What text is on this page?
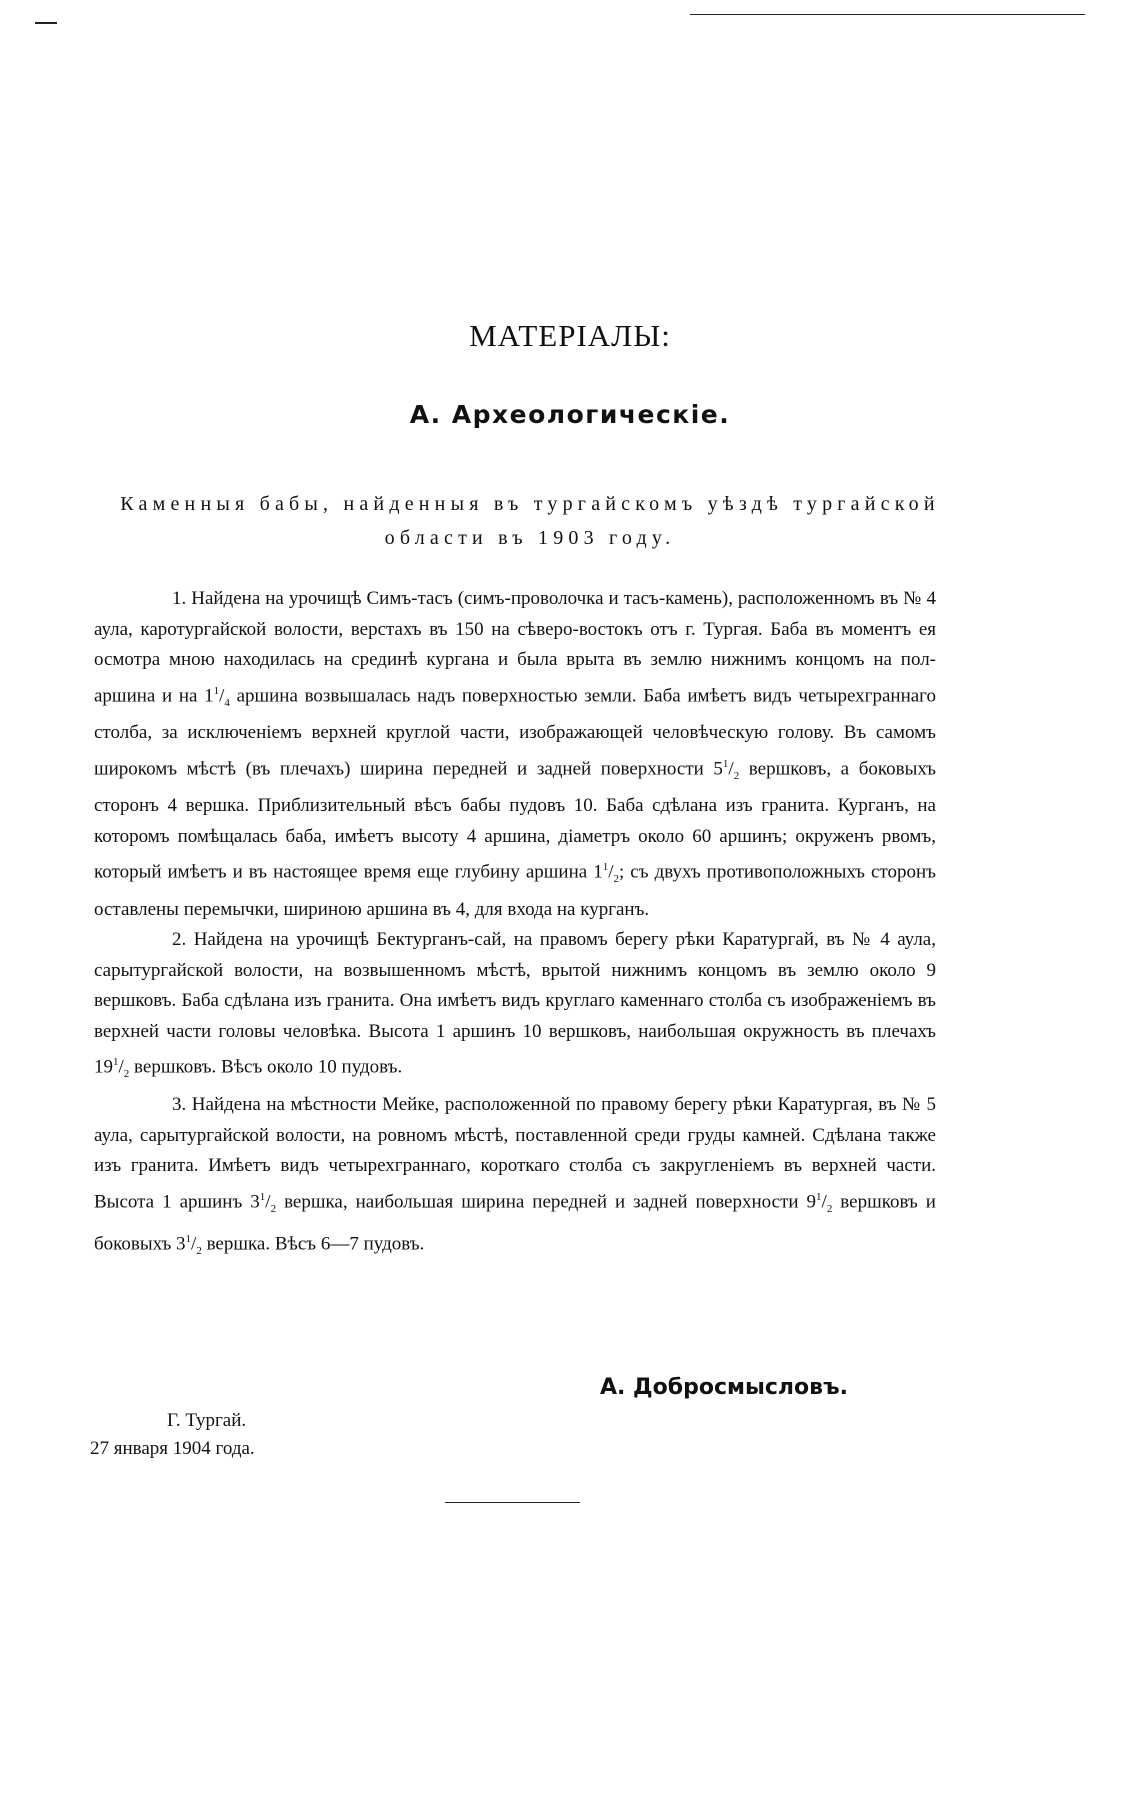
МАТЕРІАЛЫ:
А. Археологическіе.
Каменныя бабы, найденныя въ тургайскомъ уѣздѣ тургайской области въ 1903 году.

1. Найдена на урочищѣ Симъ-тасъ (симъ-проволочка и тасъ-камень), расположенномъ въ № 4 аула, каротургайской волости, верстахъ въ 150 на сѣверо-востокъ отъ г. Тургая. Баба въ моментъ ея осмотра мною находилась на срединѣ кургана и была врыта въ землю нижнимъ концомъ на пол-аршина и на $1^1/_4$ аршина возвышалась надъ поверхностью земли. Баба имѣетъ видъ четырехграннаго столба, за исключеніемъ верхней круглой части, изображающей человѣческую голову. Въ самомъ широкомъ мѣстѣ (въ плечахъ) ширина передней и задней поверхности $5^1/_2$ вершковъ, а боковыхъ сторонъ 4 вершка. Приблизительный вѣсъ бабы пудовъ 10. Баба сдѣлана изъ гранита. Курганъ, на которомъ помѣщалась баба, имѣетъ высоту 4 аршина, діаметръ около 60 аршинъ; окруженъ рвомъ, который имѣетъ и въ настоящее время еще глубину аршина $1^1/_2$; съ двухъ противоположныхъ сторонъ оставлены перемычки, шириною аршина въ 4, для входа на курганъ.

2. Найдена на урочищѣ Бектурганъ-сай, на правомъ берегу рѣки Каратургай, въ № 4 аула, сарытургайской волости, на возвышенномъ мѣстѣ, врытой нижнимъ концомъ въ землю около 9 вершковъ. Баба сдѣлана изъ гранита. Она имѣетъ видъ круглаго каменнаго столба съ изображеніемъ въ верхней части головы человѣка. Высота 1 аршинъ 10 вершковъ, наибольшая окружность въ плечахъ $19^1/_2$ вершковъ. Вѣсъ около 10 пудовъ.

3. Найдена на мѣстности Мейке, расположенной по правому берегу рѣки Каратургая, въ № 5 аула, сарытургайской волости, на ровномъ мѣстѣ, поставленной среди груды камней. Сдѣлана также изъ гранита. Имѣетъ видъ четырехграннаго, короткаго столба съ закругленіемъ въ верхней части. Высота 1 аршинъ $3^1/_2$ вершка, наибольшая ширина передней и задней поверхности $9^1/_2$ вершковъ и боковыхъ $3^1/_2$ вершка. Вѣсъ 6—7 пудовъ.

А. Добросмысловъ.
Г. Тургай.
27 января 1904 года.
